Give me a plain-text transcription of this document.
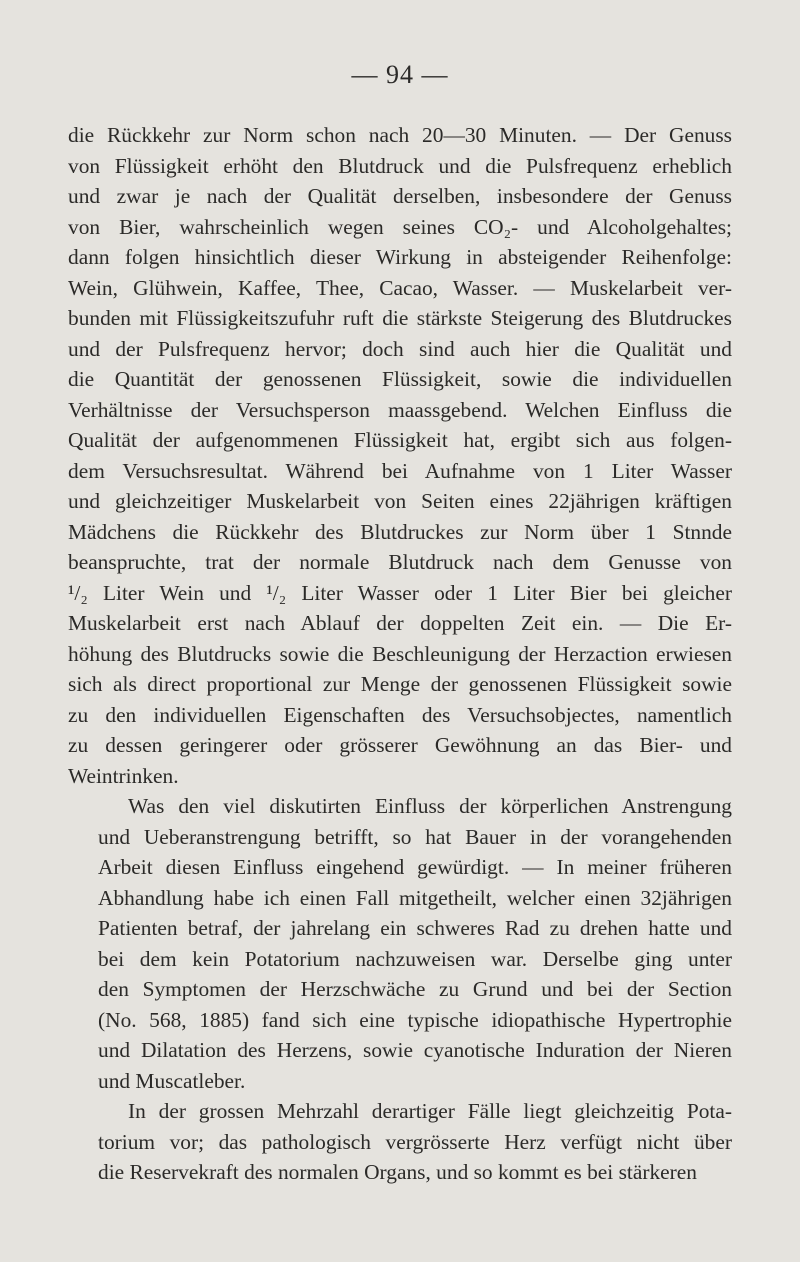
— 94 —

die Rückkehr zur Norm schon nach 20—30 Minuten. — Der Genuss
von Flüssigkeit erhöht den Blutdruck und die Pulsfrequenz erheblich
und zwar je nach der Qualität derselben, insbesondere der Genuss
von Bier, wahrscheinlich wegen seines CO₂- und Alcoholgehaltes;
dann folgen hinsichtlich dieser Wirkung in absteigender Reihenfolge:
Wein, Glühwein, Kaffee, Thee, Cacao, Wasser. — Muskelarbeit ver-
bunden mit Flüssigkeitszufuhr ruft die stärkste Steigerung des Blutdruckes
und der Pulsfrequenz hervor; doch sind auch hier die Qualität und
die Quantität der genossenen Flüssigkeit, sowie die individuellen
Verhältnisse der Versuchsperson maassgebend. Welchen Einfluss die
Qualität der aufgenommenen Flüssigkeit hat, ergibt sich aus folgen-
dem Versuchsresultat. Während bei Aufnahme von 1 Liter Wasser
und gleichzeitiger Muskelarbeit von Seiten eines 22jährigen kräftigen
Mädchens die Rückkehr des Blutdruckes zur Norm über 1 Stnnde
beanspruchte, trat der normale Blutdruck nach dem Genusse von
¹/₂ Liter Wein und ¹/₂ Liter Wasser oder 1 Liter Bier bei gleicher
Muskelarbeit erst nach Ablauf der doppelten Zeit ein. — Die Er-
höhung des Blutdrucks sowie die Beschleunigung der Herzaction erwiesen
sich als direct proportional zur Menge der genossenen Flüssigkeit sowie
zu den individuellen Eigenschaften des Versuchsobjectes, namentlich
zu dessen geringerer oder grösserer Gewöhnung an das Bier- und
Weintrinken.

Was den viel diskutirten Einfluss der körperlichen Anstrengung
und Ueberanstrengung betrifft, so hat Bauer in der vorangehenden
Arbeit diesen Einfluss eingehend gewürdigt. — In meiner früheren
Abhandlung habe ich einen Fall mitgetheilt, welcher einen 32jährigen
Patienten betraf, der jahrelang ein schweres Rad zu drehen hatte und
bei dem kein Potatorium nachzuweisen war. Derselbe ging unter
den Symptomen der Herzschwäche zu Grund und bei der Section
(No. 568, 1885) fand sich eine typische idiopathische Hypertrophie
und Dilatation des Herzens, sowie cyanotische Induration der Nieren
und Muscatleber.

In der grossen Mehrzahl derartiger Fälle liegt gleichzeitig Pota-
torium vor; das pathologisch vergrösserte Herz verfügt nicht über
die Reservekraft des normalen Organs, und so kommt es bei stärkeren
